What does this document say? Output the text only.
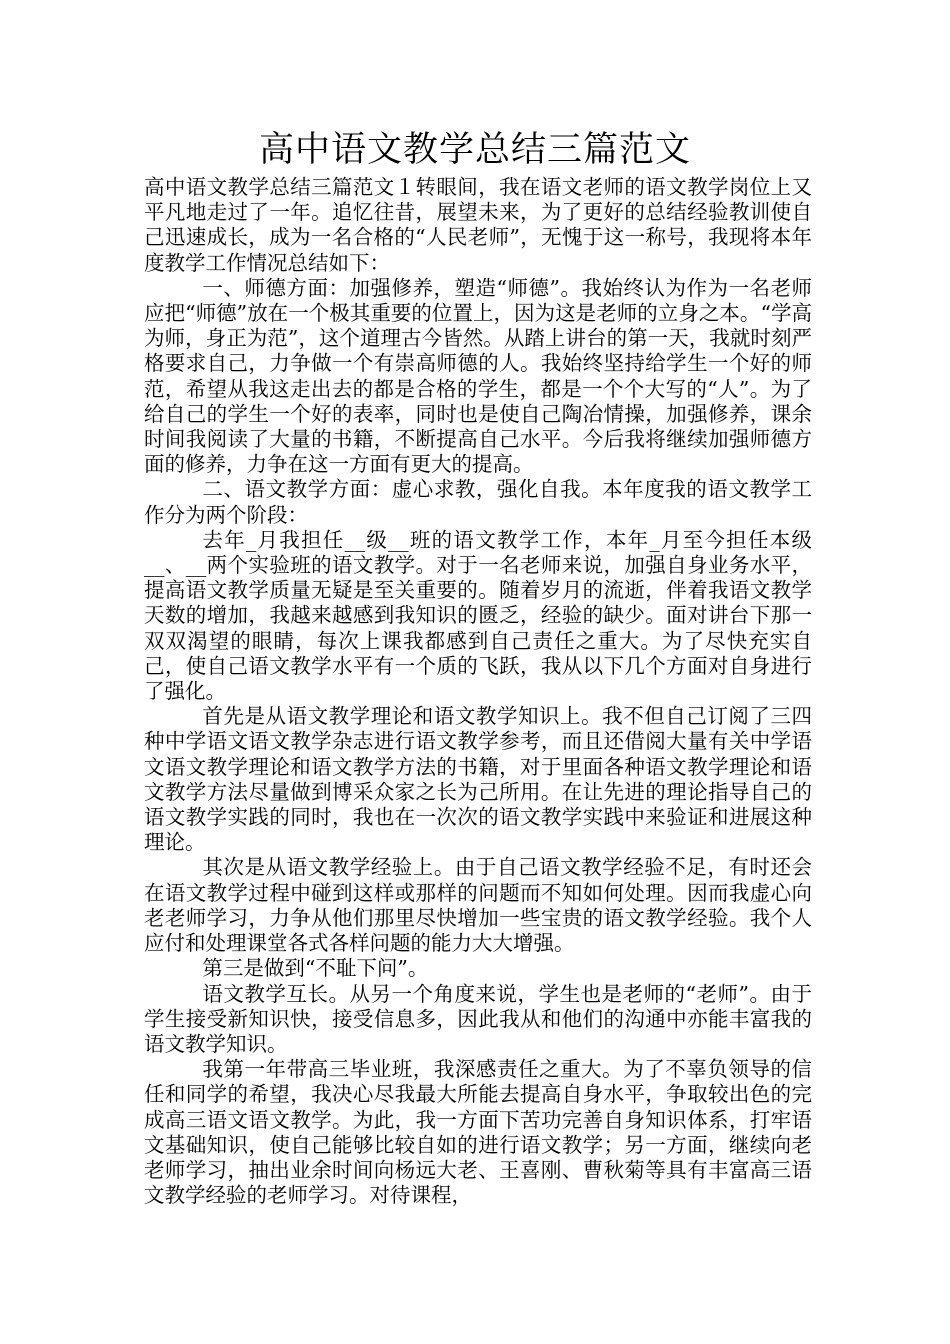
高中语文教学总结三篇范文

高中语文教学总结三篇范文１转眼间，我在语文老师的语文教学岗位上又平凡地走过了一年。追忆往昔，展望未来，为了更好的总结经验教训使自己迅速成长，成为一名合格的“人民老师”，无愧于这一称号，我现将本年度教学工作情况总结如下：

一、师德方面：加强修养，塑造“师德”。我始终认为作为一名老师应把“师德”放在一个极其重要的位置上，因为这是老师的立身之本。“学高为师，身正为范”，这个道理古今皆然。从踏上讲台的第一天，我就时刻严格要求自己，力争做一个有崇高师德的人。我始终坚持给学生一个好的师范，希望从我这走出去的都是合格的学生，都是一个个大写的“人”。为了给自己的学生一个好的表率，同时也是使自己陶冶情操，加强修养，课余时间我阅读了大量的书籍，不断提高自己水平。今后我将继续加强师德方面的修养，力争在这一方面有更大的提高。

二、语文教学方面：虚心求教，强化自我。本年度我的语文教学工作分为两个阶段：

去年_月我担任__级__班的语文教学工作，本年_月至今担任本级__、__两个实验班的语文教学。对于一名老师来说，加强自身业务水平，提高语文教学质量无疑是至关重要的。随着岁月的流逝，伴着我语文教学天数的增加，我越来越感到我知识的匮乏，经验的缺少。面对讲台下那一双双渴望的眼睛，每次上课我都感到自己责任之重大。为了尽快充实自己，使自己语文教学水平有一个质的飞跃，我从以下几个方面对自身进行了强化。

首先是从语文教学理论和语文教学知识上。我不但自己订阅了三四种中学语文语文教学杂志进行语文教学参考，而且还借阅大量有关中学语文语文教学理论和语文教学方法的书籍，对于里面各种语文教学理论和语文教学方法尽量做到博采众家之长为己所用。在让先进的理论指导自己的语文教学实践的同时，我也在一次次的语文教学实践中来验证和进展这种理论。

其次是从语文教学经验上。由于自己语文教学经验不足，有时还会在语文教学过程中碰到这样或那样的问题而不知如何处理。因而我虚心向老老师学习，力争从他们那里尽快增加一些宝贵的语文教学经验。我个人应付和处理课堂各式各样问题的能力大大增强。

第三是做到“不耻下问”。

语文教学互长。从另一个角度来说，学生也是老师的“老师”。由于学生接受新知识快，接受信息多，因此我从和他们的沟通中亦能丰富我的语文教学知识。

我第一年带高三毕业班，我深感责任之重大。为了不辜负领导的信任和同学的希望，我决心尽我最大所能去提高自身水平，争取较出色的完成高三语文语文教学。为此，我一方面下苦功完善自身知识体系，打牢语文基础知识，使自己能够比较自如的进行语文教学；另一方面，继续向老老师学习，抽出业余时间向杨远大老、王喜刚、曹秋菊等具有丰富高三语文教学经验的老师学习。对待课程，
